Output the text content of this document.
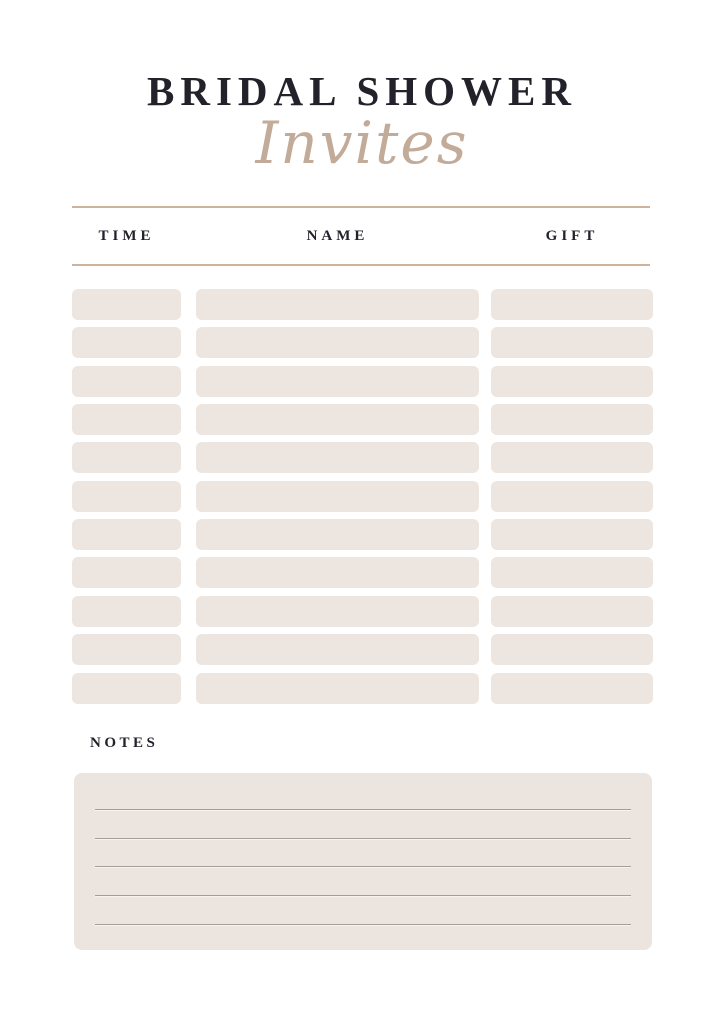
BRIDAL SHOWER
Invites
TIME	NAME	GIFT
NOTES
